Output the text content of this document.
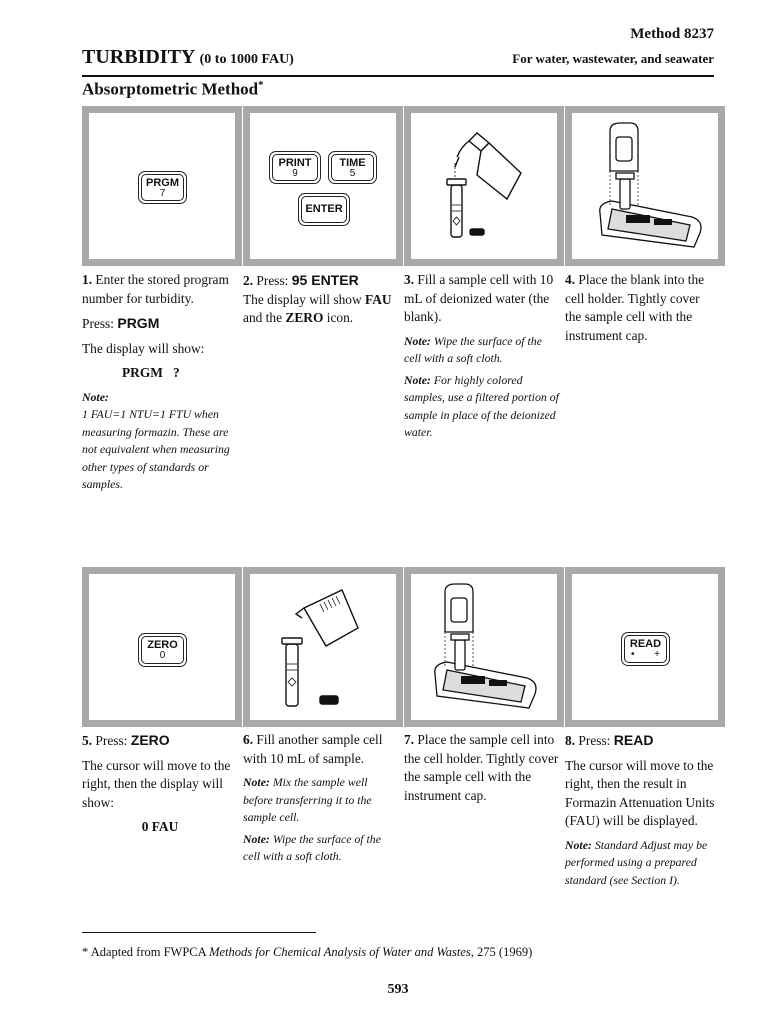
Method 8237
TURBIDITY (0 to 1000 FAU)	For water, wastewater, and seawater
Absorptometric Method*
PRGM
7
PRINT
9
TIME
5
ENTER

1. Enter the stored program number for turbidity.

Press: PRGM

The display will show:

PRGM   ?

Note:
1 FAU=1 NTU=1 FTU when measuring formazin. These are not equivalent when measuring other types of standards or samples.

2. Press: 95 ENTER

The display will show FAU and the ZERO icon.

3. Fill a sample cell with 10 mL of deionized water (the blank).

Note: Wipe the surface of the cell with a soft cloth.
Note: For highly colored samples, use a filtered portion of sample in place of the deionized water.

4. Place the blank into the cell holder. Tightly cover the sample cell with the instrument cap.

ZERO
0
READ
• +

5. Press: ZERO

The cursor will move to the right, then the display will show:

0 FAU

6. Fill another sample cell with 10 mL of sample.

Note: Mix the sample well before transferring it to the sample cell.
Note: Wipe the surface of the cell with a soft cloth.

7. Place the sample cell into the cell holder. Tightly cover the sample cell with the instrument cap.

8. Press: READ

The cursor will move to the right, then the result in Formazin Attenuation Units (FAU) will be displayed.

Note: Standard Adjust may be performed using a prepared standard (see Section I).
* Adapted from FWPCA Methods for Chemical Analysis of Water and Wastes, 275 (1969)
593
